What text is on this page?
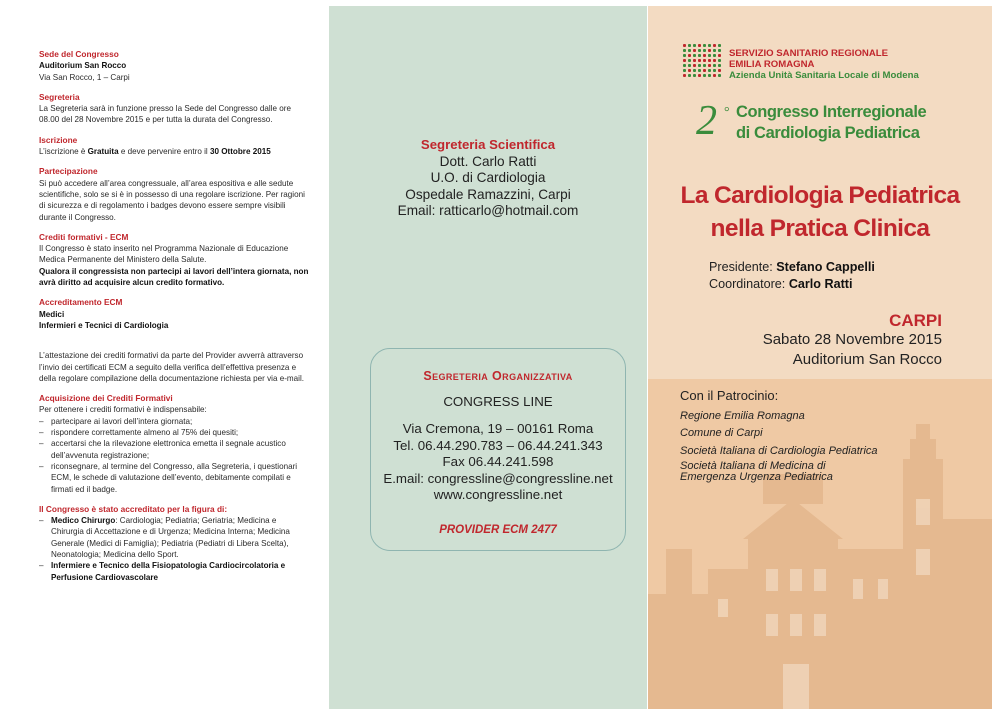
Sede del Congresso

Auditorium San Rocco

Via San Rocco, 1 – Carpi

Segreteria

La Segreteria sarà in funzione presso la Sede del Congresso dalle ore 08.00 del 28 Novembre 2015 e per tutta la durata del Congresso.

Iscrizione

L’iscrizione è Gratuita e deve pervenire entro il 30 Ottobre 2015

Partecipazione

Si può accedere all’area congressuale, all’area espositiva e alle sedute scientifiche, solo se si è in possesso di una regolare iscrizione. Per ragioni di sicurezza e di regolamento i badges devono essere sempre visibili durante il Congresso.

Crediti formativi - ECM

Il Congresso è stato inserito nel Programma Nazionale di Educazione Medica Permanente del Ministero della Salute.

Qualora il congressista non partecipi ai lavori dell’intera giornata, non avrà diritto ad acquisire alcun credito formativo.

Accreditamento ECM

Medici

Infermieri e Tecnici di Cardiologia

L’attestazione dei crediti formativi da parte del Provider avverrà attraverso l’invio dei certificati ECM a seguito della verifica dell’effettiva presenza e della regolare compilazione della documentazione richiesta per via e-mail.

Acquisizione dei Crediti Formativi

Per ottenere i crediti formativi è indispensabile:

– partecipare ai lavori dell’intera giornata;
– rispondere correttamente almeno al 75% dei quesiti;
– accertarsi che la rilevazione elettronica emetta il segnale acustico dell’avvenuta registrazione;
– riconsegnare, al termine del Congresso, alla Segreteria, i questionari ECM, le schede di valutazione dell’evento, debitamente compilati e firmati ed il badge.
Il Congresso è stato accreditato per la figura di:
– Medico Chirurgo: Cardiologia; Pediatria; Geriatria; Medicina e Chirurgia di Accettazione e di Urgenza; Medicina Interna; Medicina Generale (Medici di Famiglia); Pediatria (Pediatri di Libera Scelta), Neonatologia; Medicina dello Sport.
– Infermiere e Tecnico della Fisiopatologia Cardiocircolatoria e Perfusione Cardiovascolare
Segreteria Scientifica
Dott. Carlo Ratti
U.O. di Cardiologia
Ospedale Ramazzini, Carpi
Email: ratticarlo@hotmail.com
Segreteria Organizzativa
CONGRESS LINE
Via Cremona, 19 – 00161 Roma
Tel. 06.44.290.783 – 06.44.241.343
Fax 06.44.241.598
E.mail: congressline@congressline.net
www.congressline.net
PROVIDER ECM 2477
SERVIZIO SANITARIO REGIONALE
EMILIA ROMAGNA
Azienda Unità Sanitaria Locale di Modena
2 ° Congresso Interregionale
di Cardiologia Pediatrica
La Cardiologia Pediatrica
nella Pratica Clinica
Presidente: Stefano Cappelli
Coordinatore: Carlo Ratti
CARPI
Sabato 28 Novembre 2015
Auditorium San Rocco
Con il Patrocinio:

Regione Emilia Romagna

Comune di Carpi

Società Italiana di Cardiologia Pediatrica

Società Italiana di Medicina di Emergenza Urgenza Pediatrica
